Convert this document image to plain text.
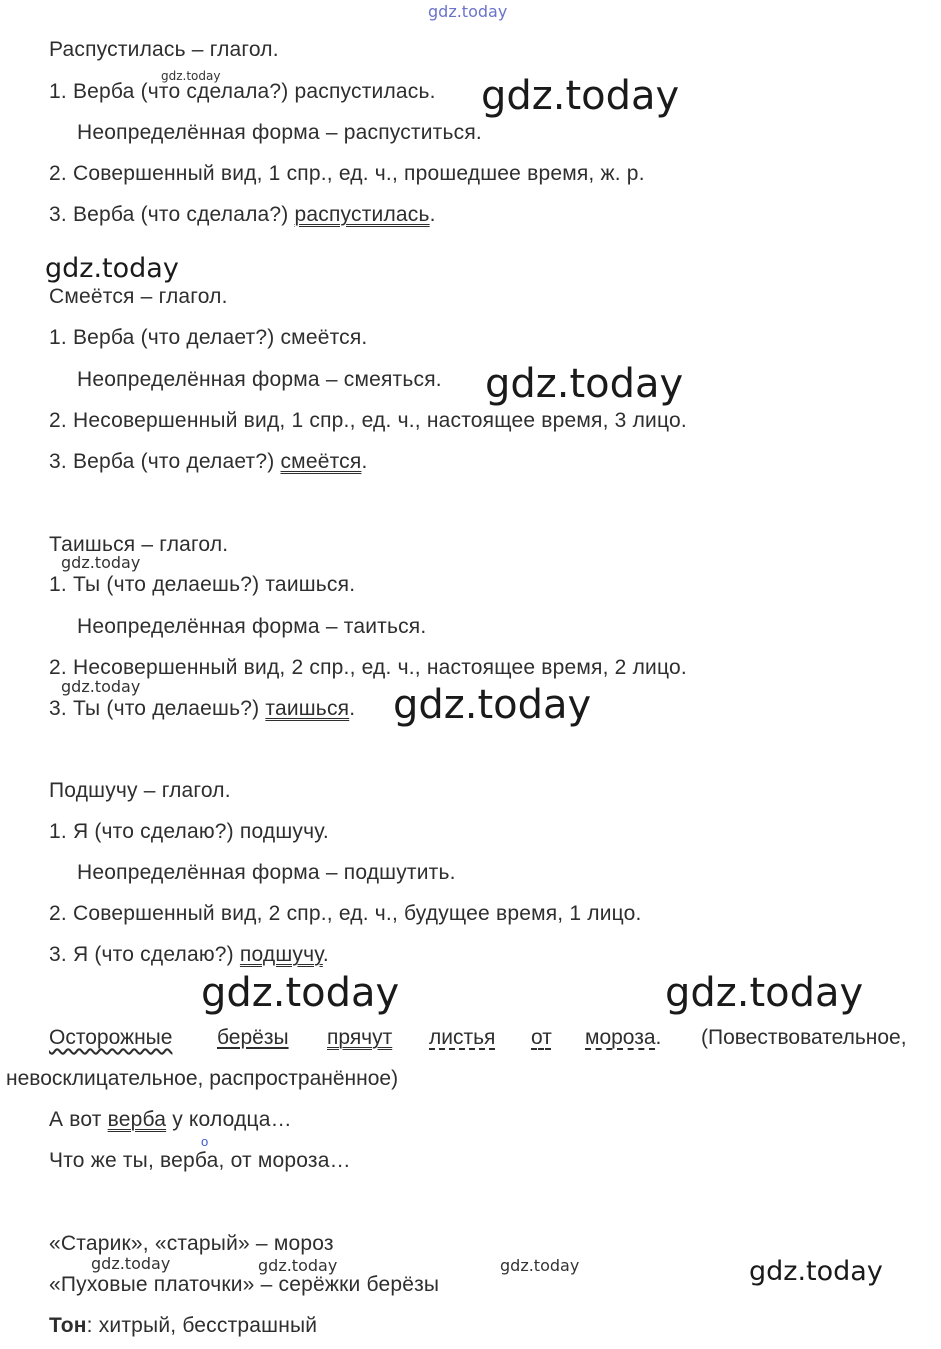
gdz.today
Распустилась – глагол.
gdz.today
1. Верба (что сделала?) распустилась. gdz.today
Неопределённая форма – распуститься.
2. Совершенный вид, 1 спр., ед. ч., прошедшее время, ж. р.
3. Верба (что сделала?) распустилась.
gdz.today
Смеётся – глагол.
1. Верба (что делает?) смеётся.
Неопределённая форма – смеяться. gdz.today
2. Несовершенный вид, 1 спр., ед. ч., настоящее время, 3 лицо.
3. Верба (что делает?) смеётся.
Таишься – глагол.
gdz.today
1. Ты (что делаешь?) таишься.
Неопределённая форма – таиться.
2. Несовершенный вид, 2 спр., ед. ч., настоящее время, 2 лицо.
gdz.today
3. Ты (что делаешь?) таишься. gdz.today
Подшучу – глагол.
1. Я (что сделаю?) подшучу.
Неопределённая форма – подшутить.
2. Совершенный вид, 2 спр., ед. ч., будущее время, 1 лицо.
3. Я (что сделаю?) подшучу.
gdz.today	gdz.today
Осторожные берёзы прячут листья от мороза. (Повествовательное,
невосклицательное, распространённое)
А вот верба у колодца…
о
Что же ты, верба, от мороза…
«Старик», «старый» – мороз
gdz.today	gdz.today	gdz.today	gdz.today
«Пуховые платочки» – серёжки берёзы
Тон: хитрый, бесстрашный
